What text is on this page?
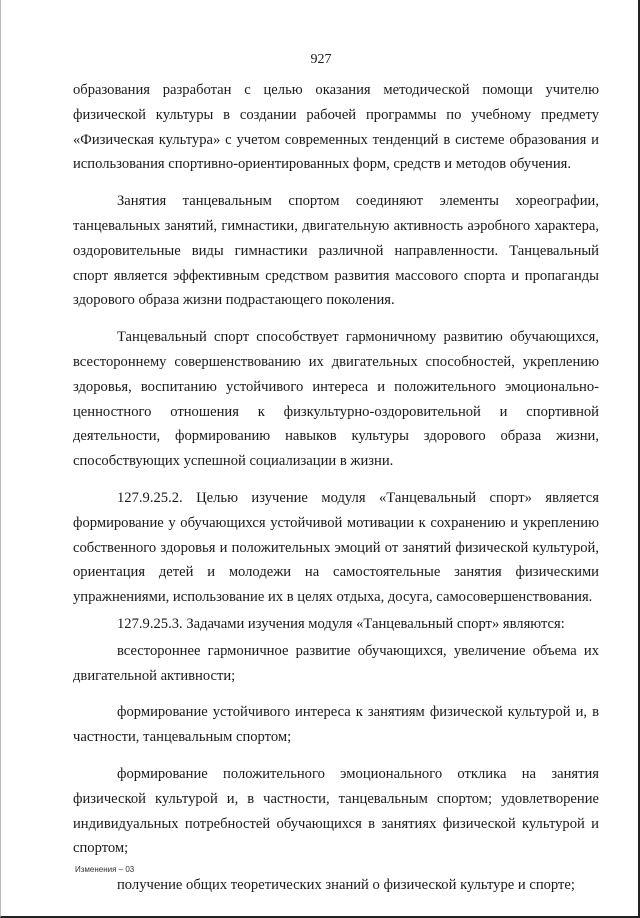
927

образования разработан с целью оказания методической помощи учителю физической культуры в создании рабочей программы по учебному предмету «Физическая культура» с учетом современных тенденций в системе образования и использования спортивно-ориентированных форм, средств и методов обучения.

Занятия танцевальным спортом соединяют элементы хореографии, танцевальных занятий, гимнастики, двигательную активность аэробного характера, оздоровительные виды гимнастики различной направленности. Танцевальный спорт является эффективным средством развития массового спорта и пропаганды здорового образа жизни подрастающего поколения.

Танцевальный спорт способствует гармоничному развитию обучающихся, всестороннему совершенствованию их двигательных способностей, укреплению здоровья, воспитанию устойчивого интереса и положительного эмоционально-ценностного отношения к физкультурно-оздоровительной и спортивной деятельности, формированию навыков культуры здорового образа жизни, способствующих успешной социализации в жизни.

127.9.25.2. Целью изучение модуля «Танцевальный спорт» является формирование у обучающихся устойчивой мотивации к сохранению и укреплению собственного здоровья и положительных эмоций от занятий физической культурой, ориентация детей и молодежи на самостоятельные занятия физическими упражнениями, использование их в целях отдыха, досуга, самосовершенствования.

127.9.25.3. Задачами изучения модуля «Танцевальный спорт» являются:

всестороннее гармоничное развитие обучающихся, увеличение объема их двигательной активности;

формирование устойчивого интереса к занятиям физической культурой и, в частности, танцевальным спортом;

формирование положительного эмоционального отклика на занятия физической культурой и, в частности, танцевальным спортом; удовлетворение индивидуальных потребностей обучающихся в занятиях физической культурой и спортом;

получение общих теоретических знаний о физической культуре и спорте;

Изменения – 03
